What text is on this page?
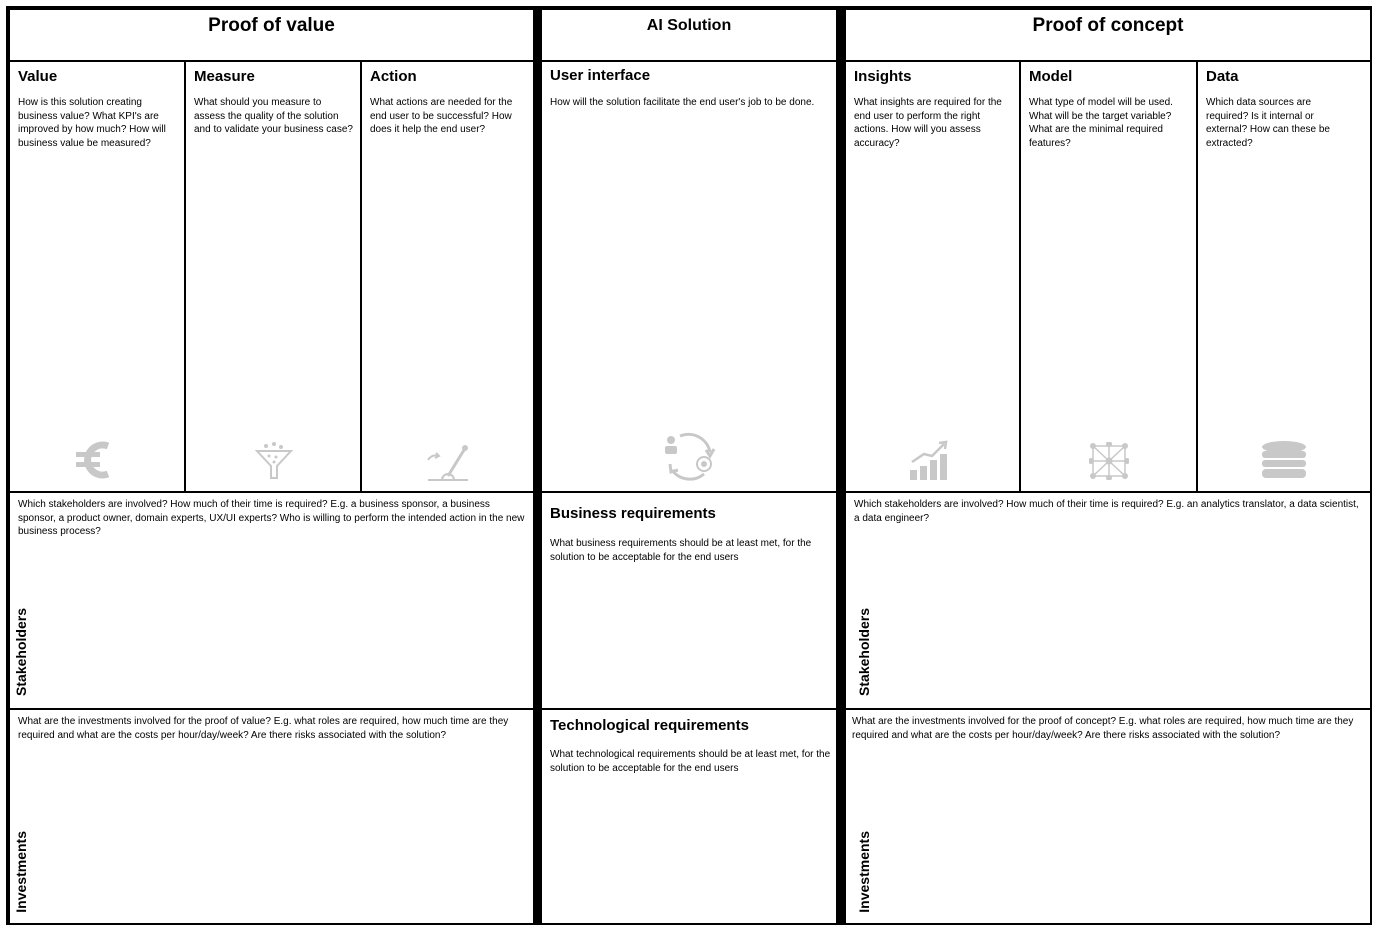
Proof of value
Value
How is this solution creating business value? What KPI's are improved by how much? How will business value be measured?
Measure
What should you measure to assess the quality of the solution and to validate your business case?
Action
What actions are needed for the end user to be successful? How does it help the end user?
Which stakeholders are involved? How much of their time is required? E.g. a business sponsor, a business sponsor, a product owner, domain experts, UX/UI experts? Who is willing to perform the intended action in the new business process?
Stakeholders
What are the investments involved for the proof of value? E.g. what roles are required, how much time are they required and what are the costs per hour/day/week? Are there risks associated with the solution?
Investments
AI Solution
User interface
How will the solution facilitate the end user's job to be done.
Business requirements
What business requirements should be at least met, for the solution to be acceptable for the end users
Technological requirements
What technological requirements should be at least met, for the solution to be acceptable for the end users
Proof of concept
Insights
What insights are required for the end user to perform the right actions. How will you assess accuracy?
Model
What type of model will be used. What will be the target variable? What are the minimal required features?
Data
Which data sources are required? Is it internal or external? How can these be extracted?
Which stakeholders are involved? How much of their time is required? E.g. an analytics translator, a data scientist, a data engineer?
Stakeholders
What are the investments involved for the proof of concept? E.g. what roles are required, how much time are they required and what are the costs per hour/day/week? Are there risks associated with the solution?
Investments
